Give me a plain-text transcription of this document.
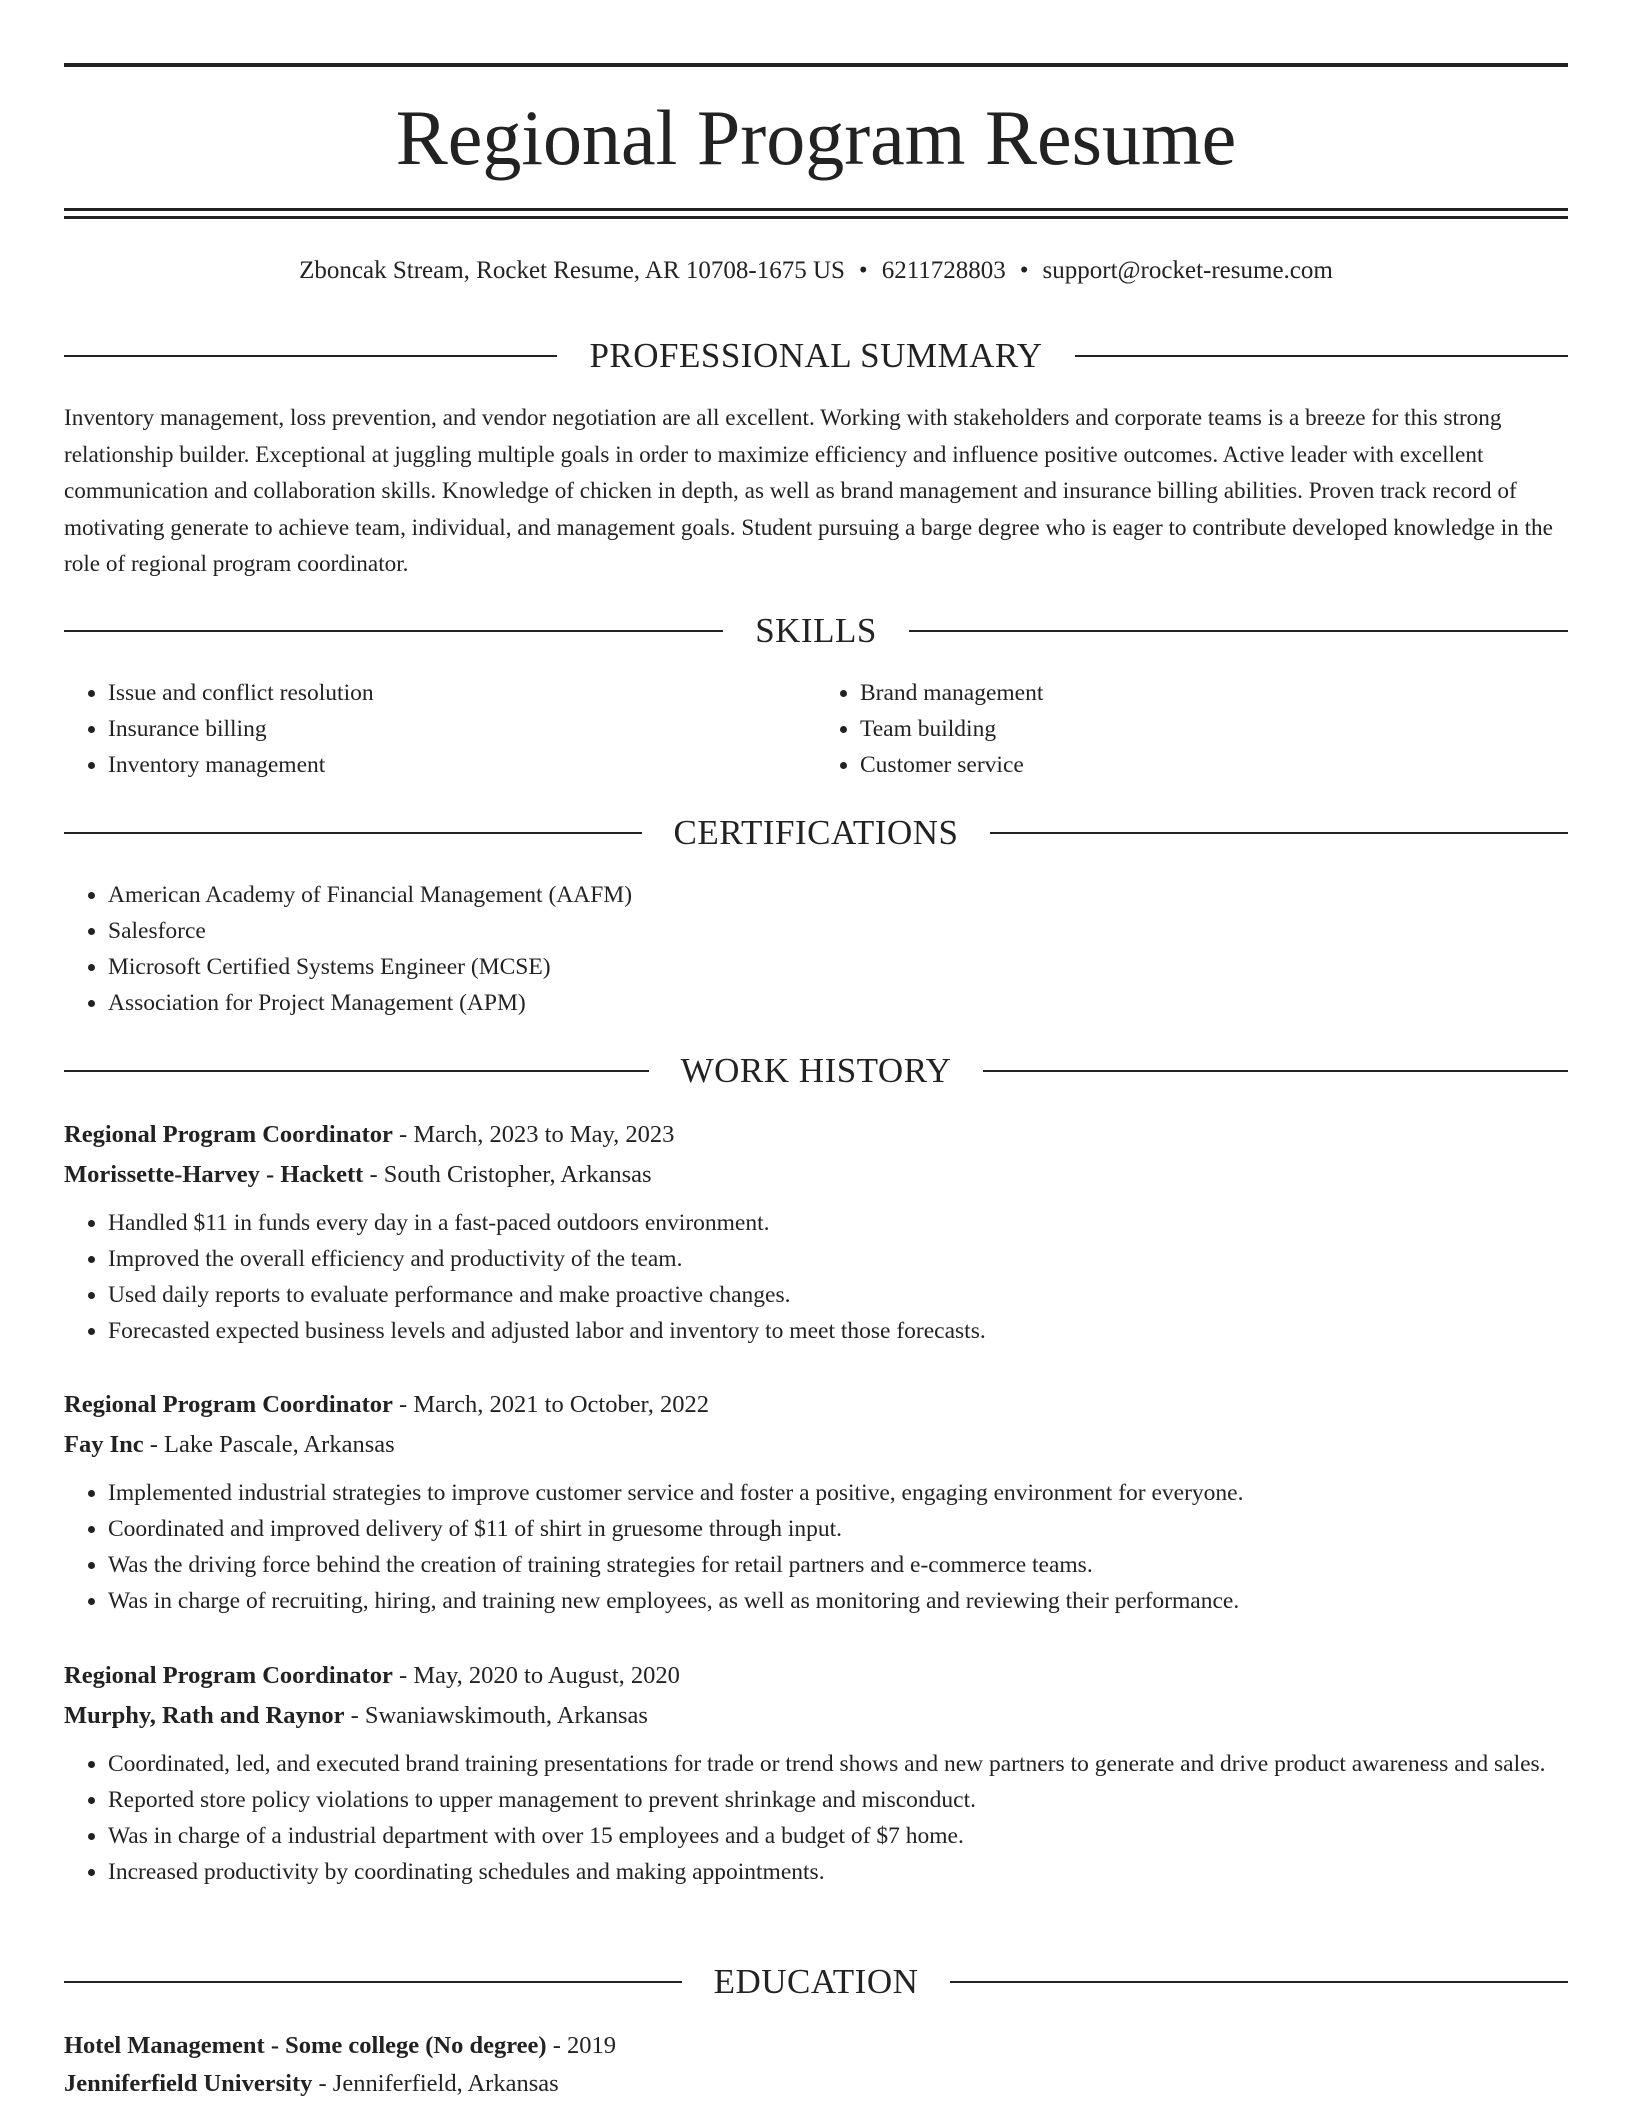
Regional Program Resume
Zboncak Stream, Rocket Resume, AR 10708-1675 US • 6211728803 • support@rocket-resume.com
PROFESSIONAL SUMMARY
Inventory management, loss prevention, and vendor negotiation are all excellent. Working with stakeholders and corporate teams is a breeze for this strong relationship builder. Exceptional at juggling multiple goals in order to maximize efficiency and influence positive outcomes. Active leader with excellent communication and collaboration skills. Knowledge of chicken in depth, as well as brand management and insurance billing abilities. Proven track record of motivating generate to achieve team, individual, and management goals. Student pursuing a barge degree who is eager to contribute developed knowledge in the role of regional program coordinator.
SKILLS
• Issue and conflict resolution
• Insurance billing
• Inventory management
• Brand management
• Team building
• Customer service
CERTIFICATIONS
• American Academy of Financial Management (AAFM)
• Salesforce
• Microsoft Certified Systems Engineer (MCSE)
• Association for Project Management (APM)
WORK HISTORY
Regional Program Coordinator - March, 2023 to May, 2023
Morissette-Harvey - Hackett - South Cristopher, Arkansas
• Handled $11 in funds every day in a fast-paced outdoors environment.
• Improved the overall efficiency and productivity of the team.
• Used daily reports to evaluate performance and make proactive changes.
• Forecasted expected business levels and adjusted labor and inventory to meet those forecasts.
Regional Program Coordinator - March, 2021 to October, 2022
Fay Inc - Lake Pascale, Arkansas
• Implemented industrial strategies to improve customer service and foster a positive, engaging environment for everyone.
• Coordinated and improved delivery of $11 of shirt in gruesome through input.
• Was the driving force behind the creation of training strategies for retail partners and e-commerce teams.
• Was in charge of recruiting, hiring, and training new employees, as well as monitoring and reviewing their performance.
Regional Program Coordinator - May, 2020 to August, 2020
Murphy, Rath and Raynor - Swaniawskimouth, Arkansas
• Coordinated, led, and executed brand training presentations for trade or trend shows and new partners to generate and drive product awareness and sales.
• Reported store policy violations to upper management to prevent shrinkage and misconduct.
• Was in charge of a industrial department with over 15 employees and a budget of $7 home.
• Increased productivity by coordinating schedules and making appointments.
EDUCATION
Hotel Management - Some college (No degree) - 2019
Jenniferfield University - Jenniferfield, Arkansas
